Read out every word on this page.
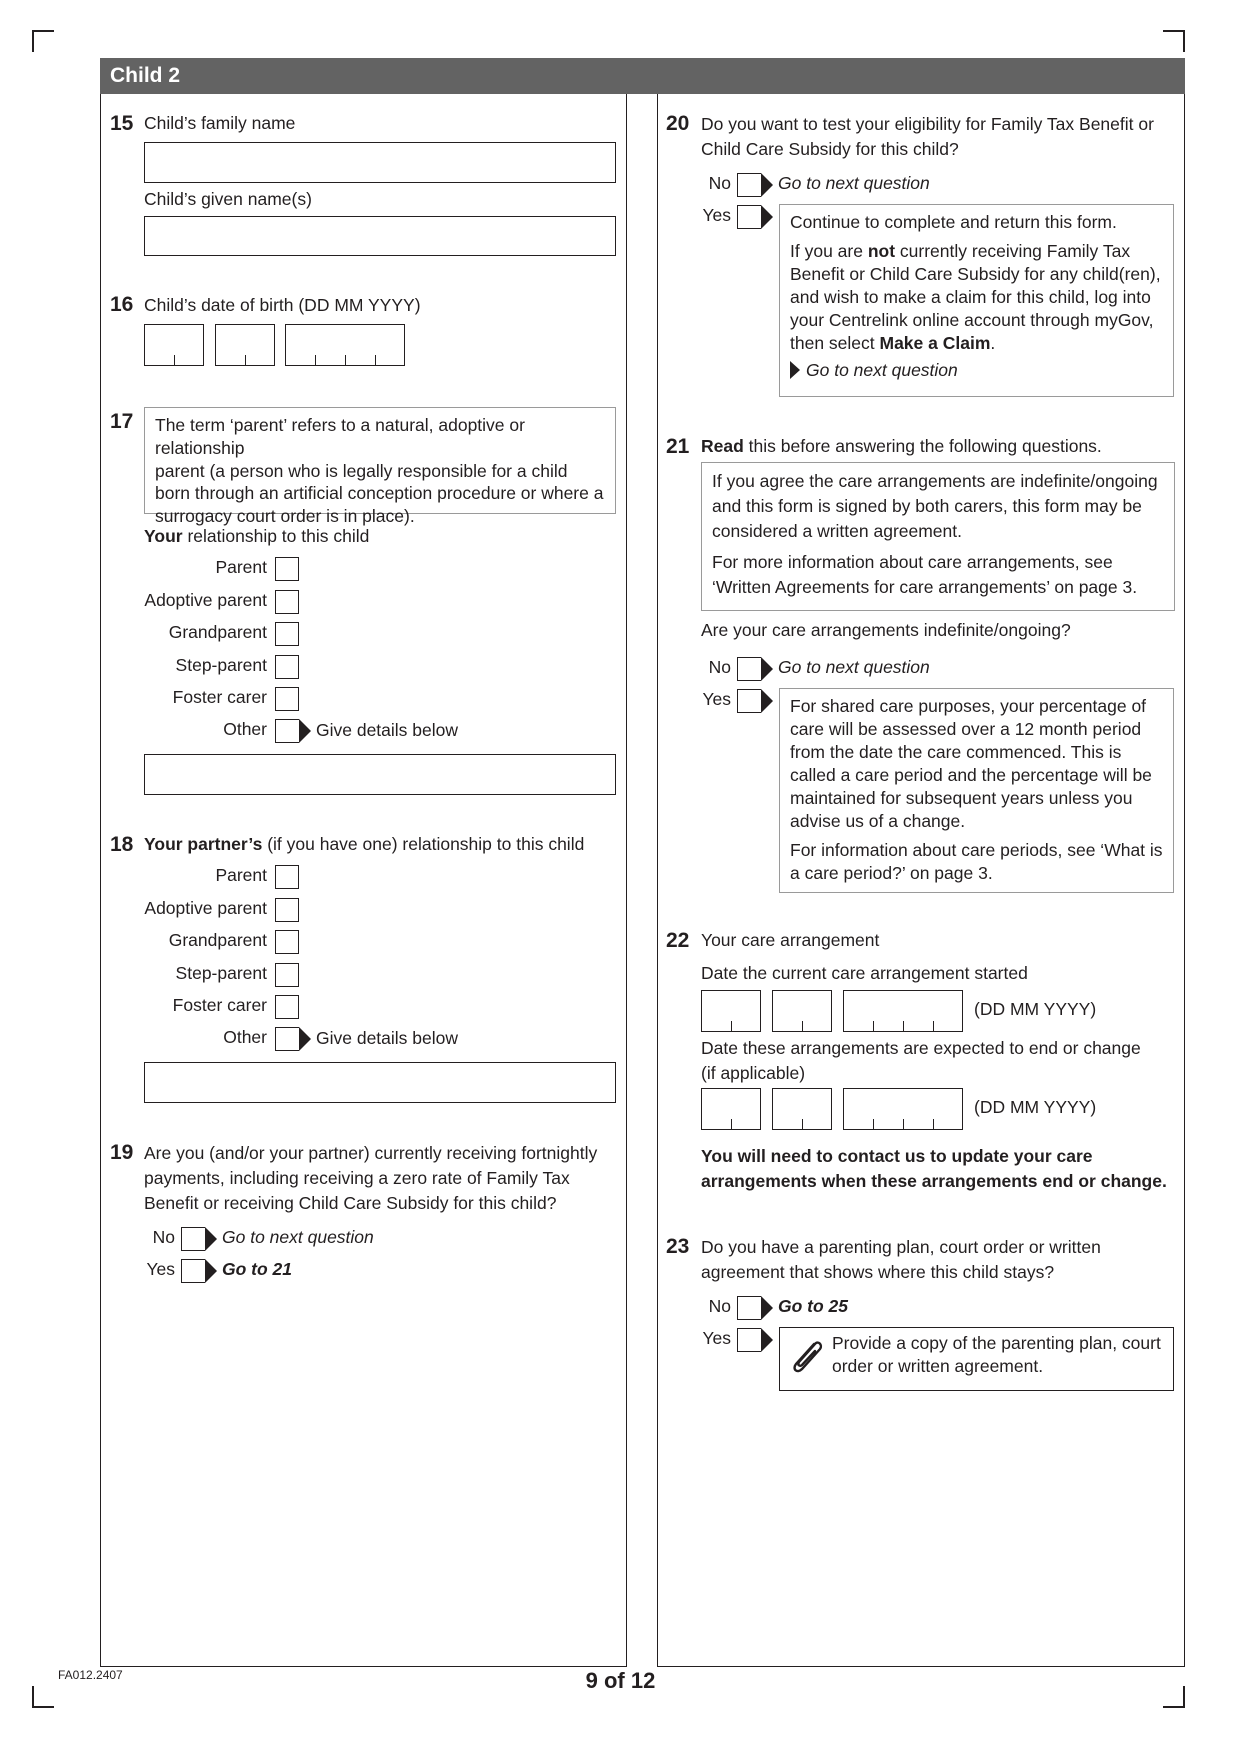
Child 2
15 Child’s family name
Child’s given name(s)
16 Child’s date of birth (DD MM YYYY)
17 The term ‘parent’ refers to a natural, adoptive or relationship
parent (a person who is legally responsible for a child
born through an artificial conception procedure or where a
surrogacy court order is in place).
Your relationship to this child
Parent
Adoptive parent
Grandparent
Step-parent
Foster carer
Other	Give details below
18 Your partner’s (if you have one) relationship to this child
Parent
Adoptive parent
Grandparent
Step-parent
Foster carer
Other	Give details below
19 Are you (and/or your partner) currently receiving fortnightly
payments, including receiving a zero rate of Family Tax
Benefit or receiving Child Care Subsidy for this child?
No	Go to next question
Yes	Go to 21
20 Do you want to test your eligibility for Family Tax Benefit or
Child Care Subsidy for this child?
No	Go to next question
Yes	Continue to complete and return this form.

If you are not currently receiving Family Tax
Benefit or Child Care Subsidy for any child(ren),
and wish to make a claim for this child, log into
your Centrelink online account through myGov,
then select Make a Claim.
Go to next question
21 Read this before answering the following questions.

If you agree the care arrangements are indefinite/ongoing
and this form is signed by both carers, this form may be
considered a written agreement.

For more information about care arrangements, see
‘Written Agreements for care arrangements’ on page 3.

Are your care arrangements indefinite/ongoing?
No	Go to next question
Yes	For shared care purposes, your percentage of
care will be assessed over a 12 month period
from the date the care commenced. This is
called a care period and the percentage will be
maintained for subsequent years unless you
advise us of a change.

For information about care periods, see ‘What is
a care period?’ on page 3.

22 Your care arrangement
Date the current care arrangement started
(DD MM YYYY)
Date these arrangements are expected to end or change
(if applicable)
(DD MM YYYY)
You will need to contact us to update your care
arrangements when these arrangements end or change.
23 Do you have a parenting plan, court order or written
agreement that shows where this child stays?
No	Go to 25
Yes	Provide a copy of the parenting plan, court
order or written agreement.
FA012.2407	9 of 12
